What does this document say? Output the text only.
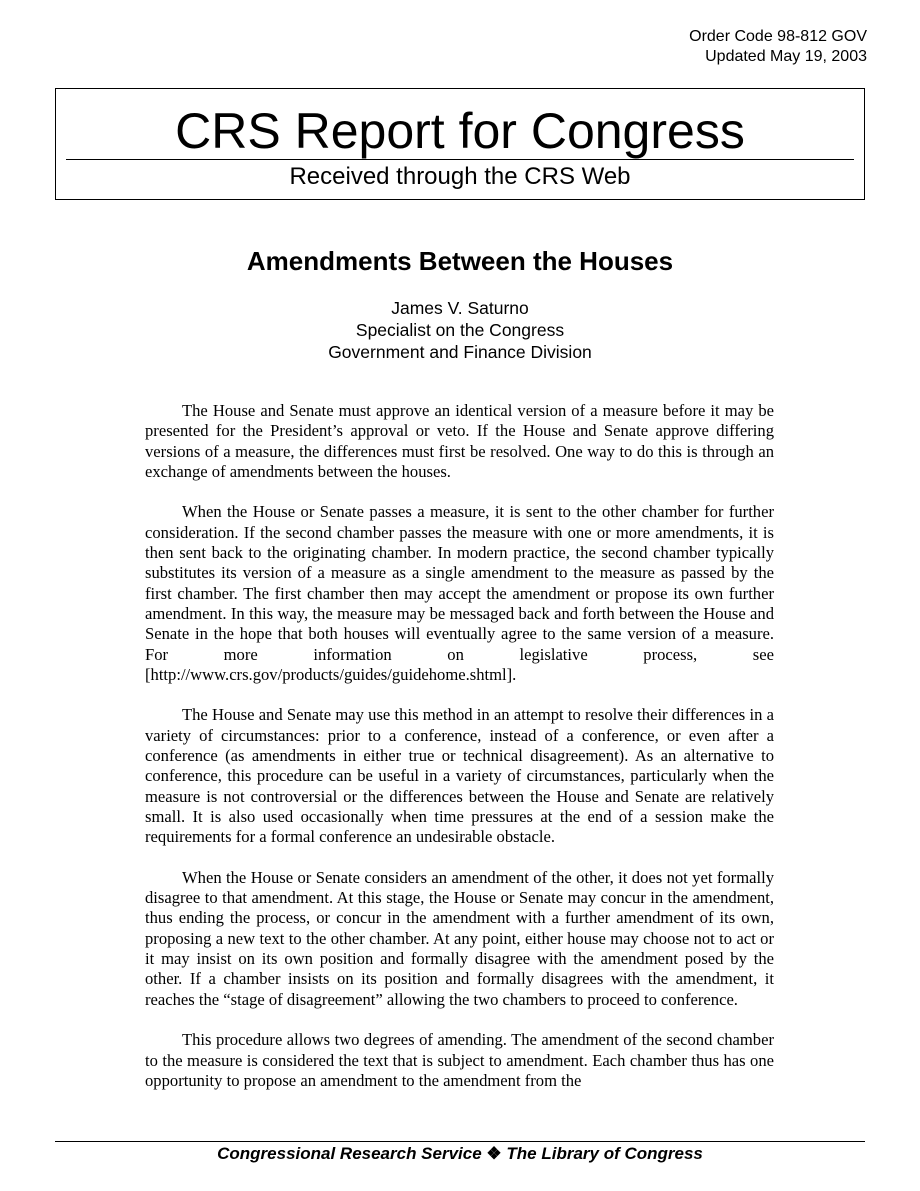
Order Code 98-812 GOV
Updated May 19, 2003
CRS Report for Congress
Received through the CRS Web
Amendments Between the Houses
James V. Saturno
Specialist on the Congress
Government and Finance Division

The House and Senate must approve an identical version of a measure before it may be presented for the President’s approval or veto. If the House and Senate approve differing versions of a measure, the differences must first be resolved. One way to do this is through an exchange of amendments between the houses.

When the House or Senate passes a measure, it is sent to the other chamber for further consideration. If the second chamber passes the measure with one or more amendments, it is then sent back to the originating chamber. In modern practice, the second chamber typically substitutes its version of a measure as a single amendment to the measure as passed by the first chamber. The first chamber then may accept the amendment or propose its own further amendment. In this way, the measure may be messaged back and forth between the House and Senate in the hope that both houses will eventually agree to the same version of a measure. For more information on legislative process, see [http://www.crs.gov/products/guides/guidehome.shtml].

The House and Senate may use this method in an attempt to resolve their differences in a variety of circumstances: prior to a conference, instead of a conference, or even after a conference (as amendments in either true or technical disagreement). As an alternative to conference, this procedure can be useful in a variety of circumstances, particularly when the measure is not controversial or the differences between the House and Senate are relatively small. It is also used occasionally when time pressures at the end of a session make the requirements for a formal conference an undesirable obstacle.

When the House or Senate considers an amendment of the other, it does not yet formally disagree to that amendment. At this stage, the House or Senate may concur in the amendment, thus ending the process, or concur in the amendment with a further amendment of its own, proposing a new text to the other chamber. At any point, either house may choose not to act or it may insist on its own position and formally disagree with the amendment posed by the other. If a chamber insists on its position and formally disagrees with the amendment, it reaches the “stage of disagreement” allowing the two chambers to proceed to conference.

This procedure allows two degrees of amending. The amendment of the second chamber to the measure is considered the text that is subject to amendment. Each chamber thus has one opportunity to propose an amendment to the amendment from the

Congressional Research Service ❖ The Library of Congress
